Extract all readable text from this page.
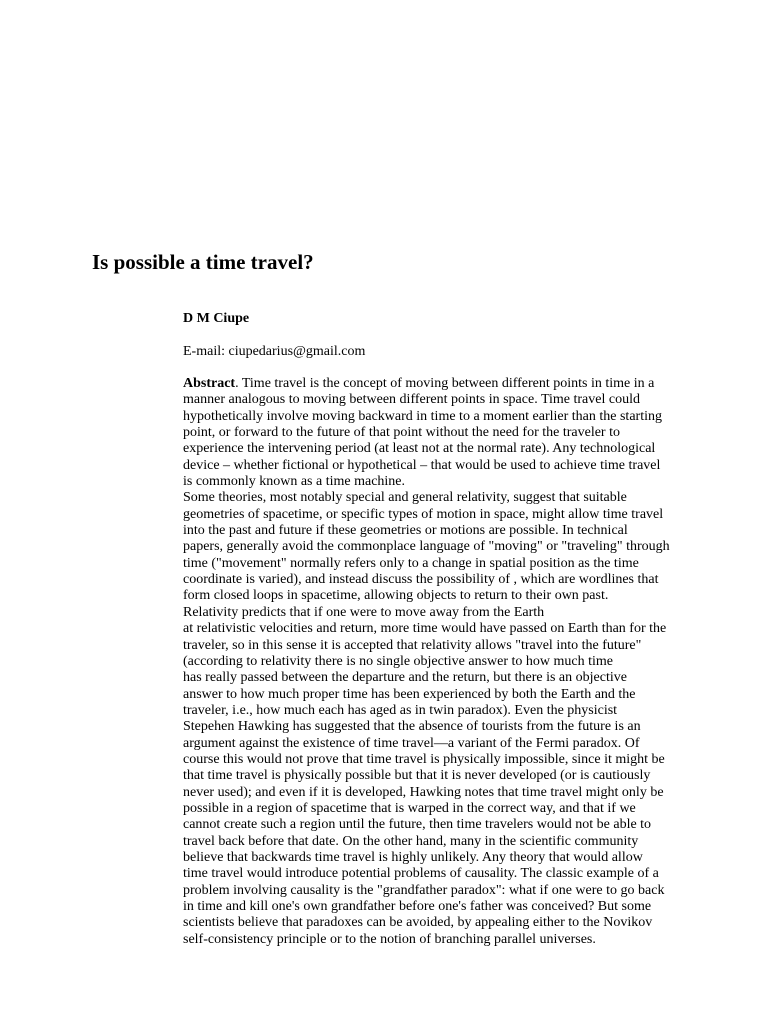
Is possible a time travel?

D M Ciupe

E-mail: ciupedarius@gmail.com

Abstract. Time travel is the concept of moving between different points in time in a
manner analogous to moving between different points in space. Time travel could
hypothetically involve moving backward in time to a moment earlier than the starting
point, or forward to the future of that point without the need for the traveler to
experience the intervening period (at least not at the normal rate). Any technological
device – whether fictional or hypothetical – that would be used to achieve time travel
is commonly known as a time machine.
Some theories, most notably special and general relativity, suggest that suitable
geometries of spacetime, or specific types of motion in space, might allow time travel
into the past and future if these geometries or motions are possible. In technical
papers, generally avoid the commonplace language of "moving" or "traveling" through
time ("movement" normally refers only to a change in spatial position as the time
coordinate is varied), and instead discuss the possibility of , which are wordlines that
form closed loops in spacetime, allowing objects to return to their own past.
Relativity predicts that if one were to move away from the Earth
at relativistic velocities and return, more time would have passed on Earth than for the
traveler, so in this sense it is accepted that relativity allows "travel into the future"
(according to relativity there is no single objective answer to how much time
has really passed between the departure and the return, but there is an objective
answer to how much proper time has been experienced by both the Earth and the
traveler, i.e., how much each has aged as in twin paradox). Even the physicist
Stepehen Hawking has suggested that the absence of tourists from the future is an
argument against the existence of time travel—a variant of the Fermi paradox. Of
course this would not prove that time travel is physically impossible, since it might be
that time travel is physically possible but that it is never developed (or is cautiously
never used); and even if it is developed, Hawking notes that time travel might only be
possible in a region of spacetime that is warped in the correct way, and that if we
cannot create such a region until the future, then time travelers would not be able to
travel back before that date. On the other hand, many in the scientific community
believe that backwards time travel is highly unlikely. Any theory that would allow
time travel would introduce potential problems of causality. The classic example of a
problem involving causality is the "grandfather paradox": what if one were to go back
in time and kill one's own grandfather before one's father was conceived? But some
scientists believe that paradoxes can be avoided, by appealing either to the Novikov
self-consistency principle or to the notion of branching parallel universes.
